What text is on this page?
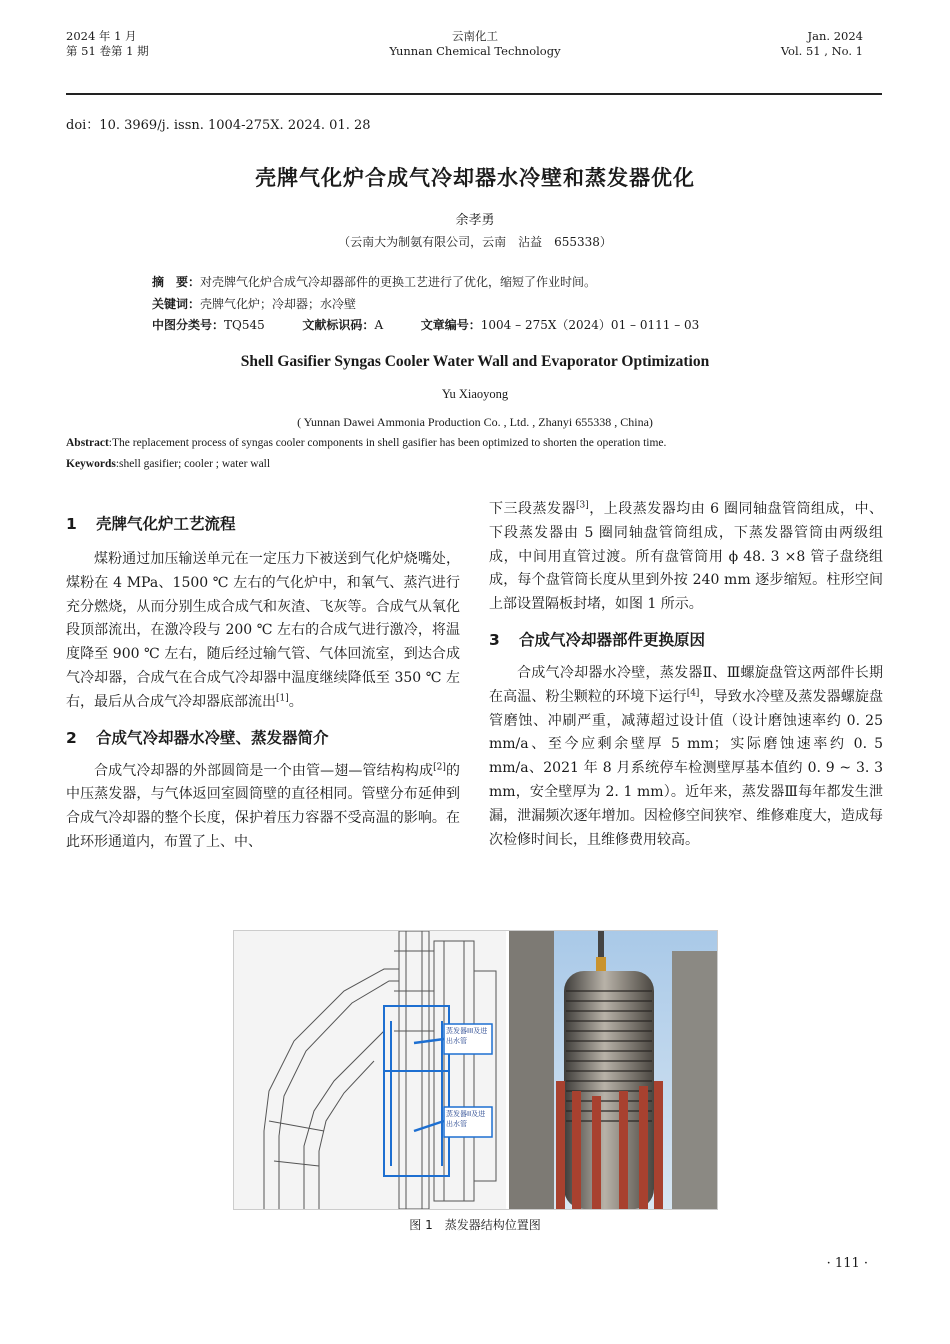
2024 年 1 月
第 51 卷第 1 期
云南化工
Yunnan Chemical Technology
Jan. 2024
Vol. 51 , No. 1
doi：10. 3969/j. issn. 1004-275X. 2024. 01. 28
壳牌气化炉合成气冷却器水冷壁和蒸发器优化
余孝勇
（云南大为制氨有限公司，云南　沾益　655338）
摘　要：对壳牌气化炉合成气冷却器部件的更换工艺进行了优化，缩短了作业时间。
关键词：壳牌气化炉；冷却器；水冷壁
中图分类号：TQ545	文献标识码：A	文章编号：1004 – 275X（2024）01 – 0111 – 03
Shell Gasifier Syngas Cooler Water Wall and Evaporator Optimization
Yu Xiaoyong
( Yunnan Dawei Ammonia Production Co. , Ltd. , Zhanyi 655338 , China)
Abstract:The replacement process of syngas cooler components in shell gasifier has been optimized to shorten the operation time.
Keywords:shell gasifier; cooler ; water wall
1 壳牌气化炉工艺流程

煤粉通过加压输送单元在一定压力下被送到气化炉烧嘴处，煤粉在 4 MPa、1500 ℃ 左右的气化炉中，和氧气、蒸汽进行充分燃烧，从而分别生成合成气和灰渣、飞灰等。合成气从氧化段顶部流出，在激冷段与 200 ℃ 左右的合成气进行激冷，将温度降至 900 ℃ 左右，随后经过输气管、气体回流室，到达合成气冷却器，合成气在合成气冷却器中温度继续降低至 350 ℃ 左右，最后从合成气冷却器底部流出[1]。

2 合成气冷却器水冷壁、蒸发器简介

合成气冷却器的外部圆筒是一个由管—翅—管结构构成[2]的中压蒸发器，与气体返回室圆筒壁的直径相同。管壁分布延伸到合成气冷却器的整个长度，保护着压力容器不受高温的影响。在此环形通道内，布置了上、中、

下三段蒸发器[3]，上段蒸发器均由 6 圈同轴盘管筒组成，中、下段蒸发器由 5 圈同轴盘管筒组成，下蒸发器管筒由两级组成，中间用直管过渡。所有盘管筒用 ϕ 48. 3 ×8 管子盘绕组成，每个盘管筒长度从里到外按 240 mm 逐步缩短。柱形空间上部设置隔板封堵，如图 1 所示。

3 合成气冷却器部件更换原因

合成气冷却器水冷壁，蒸发器Ⅱ、Ⅲ螺旋盘管这两部件长期在高温、粉尘颗粒的环境下运行[4]，导致水冷壁及蒸发器螺旋盘管磨蚀、冲刷严重，减薄超过设计值（设计磨蚀速率约 0. 25 mm/a、至今应剩余壁厚 5 mm；实际磨蚀速率约 0. 5 mm/a、2021 年 8 月系统停车检测壁厚基本值约 0. 9 ~ 3. 3 mm，安全壁厚为 2. 1 mm）。近年来，蒸发器Ⅲ每年都发生泄漏，泄漏频次逐年增加。因检修空间狭窄、维修难度大，造成每次检修时间长，且维修费用较高。

蒸发器III及进出水管
蒸发器II及进出水管
图 1　蒸发器结构位置图
· 111 ·
